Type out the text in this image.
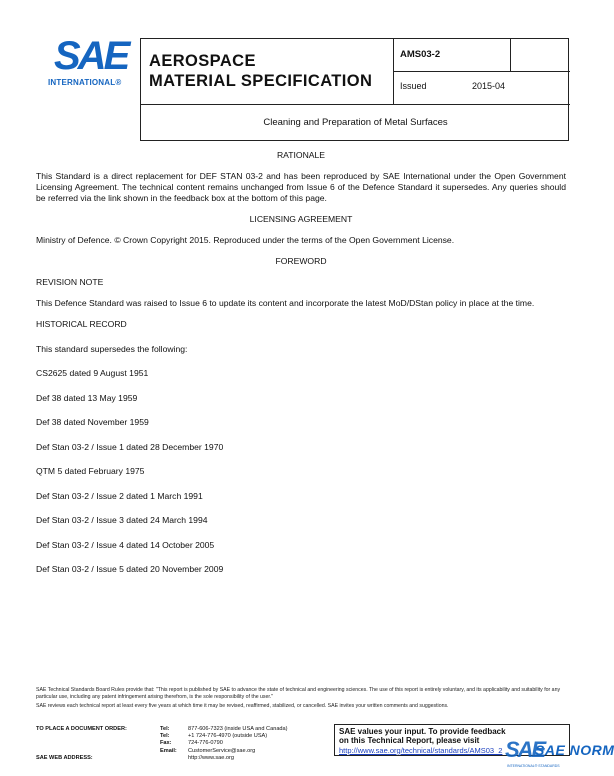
SAE
INTERNATIONAL®
AEROSPACE
MATERIAL SPECIFICATION
AMS03-2
Issued	2015-04
Cleaning and Preparation of Metal Surfaces
RATIONALE
This Standard is a direct replacement for DEF STAN 03-2 and has been reproduced by SAE International under the Open Government Licensing Agreement. The technical content remains unchanged from Issue 6 of the Defence Standard it supersedes. Any queries should be referred via the link shown in the feedback box at the bottom of this page.
LICENSING AGREEMENT
Ministry of Defence. © Crown Copyright 2015. Reproduced under the terms of the Open Government License.
FOREWORD
REVISION NOTE
This Defence Standard was raised to Issue 6 to update its content and incorporate the latest MoD/DStan policy in place at the time.
HISTORICAL RECORD
This standard supersedes the following:
CS2625 dated 9 August 1951
Def 38 dated 13 May 1959
Def 38 dated November 1959
Def Stan 03-2 / Issue 1 dated 28 December 1970
QTM 5 dated February 1975
Def Stan 03-2 / Issue 2 dated 1 March 1991
Def Stan 03-2 / Issue 3 dated 24 March 1994
Def Stan 03-2 / Issue 4 dated 14 October 2005
Def Stan 03-2 / Issue 5 dated 20 November 2009
SAE Technical Standards Board Rules provide that: "This report is published by SAE to advance the state of technical and engineering sciences. The use of this report is entirely voluntary, and its applicability and suitability for any particular use, including any patent infringement arising therefrom, is the sole responsibility of the user."
SAE reviews each technical report at least every five years at which time it may be revised, reaffirmed, stabilized, or cancelled. SAE invites your written comments and suggestions.
TO PLACE A DOCUMENT ORDER:	Tel:	877-606-7323 (inside USA and Canada)
Tel:	+1 724-776-4970 (outside USA)
Fax:	724-776-0790
Email: CustomerService@sae.org
SAE WEB ADDRESS:	http://www.sae.org
SAE values your input. To provide feedback
on this Technical Report, please visit
http://www.sae.org/technical/standards/AMS03_2 SAE
SAE NORM
INTERNATIONAL® STANDARDS
